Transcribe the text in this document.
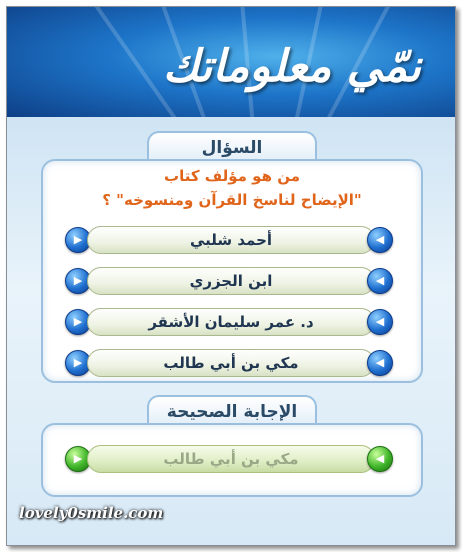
نمّي معلوماتك
السؤال
من هو مؤلف كتاب
"الإيضاح لناسخ القرآن ومنسوخه" ؟
▶	أحمد شلبي	◀
▶	ابن الجزري	◀
▶	د. عمر سليمان الأشقر	◀
▶	مكي بن أبي طالب	◀
الإجابة الصحيحة
▶	مكي بن أبي طالب	◀
lovely0smile.com
